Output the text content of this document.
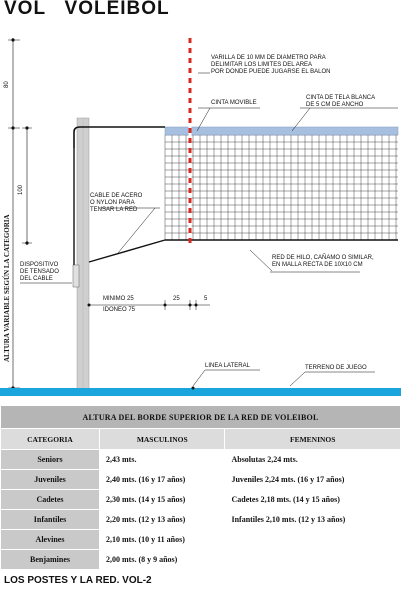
VOL   VOLEIBOL
VARILLA DE 10 MM DE DIAMETRO PARA
DELIMITAR LOS LIMITES DEL AREA
POR DONDE PUEDE JUGARSE EL BALON
CINTA MOVIBLE
CINTA DE TELA BLANCA
DE 5 CM DE ANCHO
CABLE DE ACERO
O NYLON PARA
TENSAR LA RED
RED DE HILO, CAÑAMO O SIMILAR,
EN MALLA RECTA DE 10X10 CM
DISPOSITIVO
DE TENSADO
DEL CABLE
MINIMO 25
IDONEO 75
25	5
LINEA LATERAL	TERRENO DE JUEGO
80
100
ALTURA VARIABLE SEGÚN LA CATEGORIA
ALTURA DEL BORDE SUPERIOR DE LA RED DE VOLEIBOL		
CATEGORIA	MASCULINOS	FEMENINOS
Seniors	2,43 mts.	Absolutas 2,24 mts.
Juveniles	2,40 mts. (16 y 17 años)	Juveniles 2,24 mts. (16 y 17 años)
Cadetes	2,30 mts. (14 y 15 años)	Cadetes 2,18 mts. (14 y 15 años)
Infantiles	2,20 mts. (12 y 13 años)	Infantiles 2,10 mts. (12 y 13 años)
Alevines	2,10 mts. (10 y 11 años)	
Benjamines	2,00 mts. (8 y 9 años)	
LOS POSTES Y LA RED. VOL-2
